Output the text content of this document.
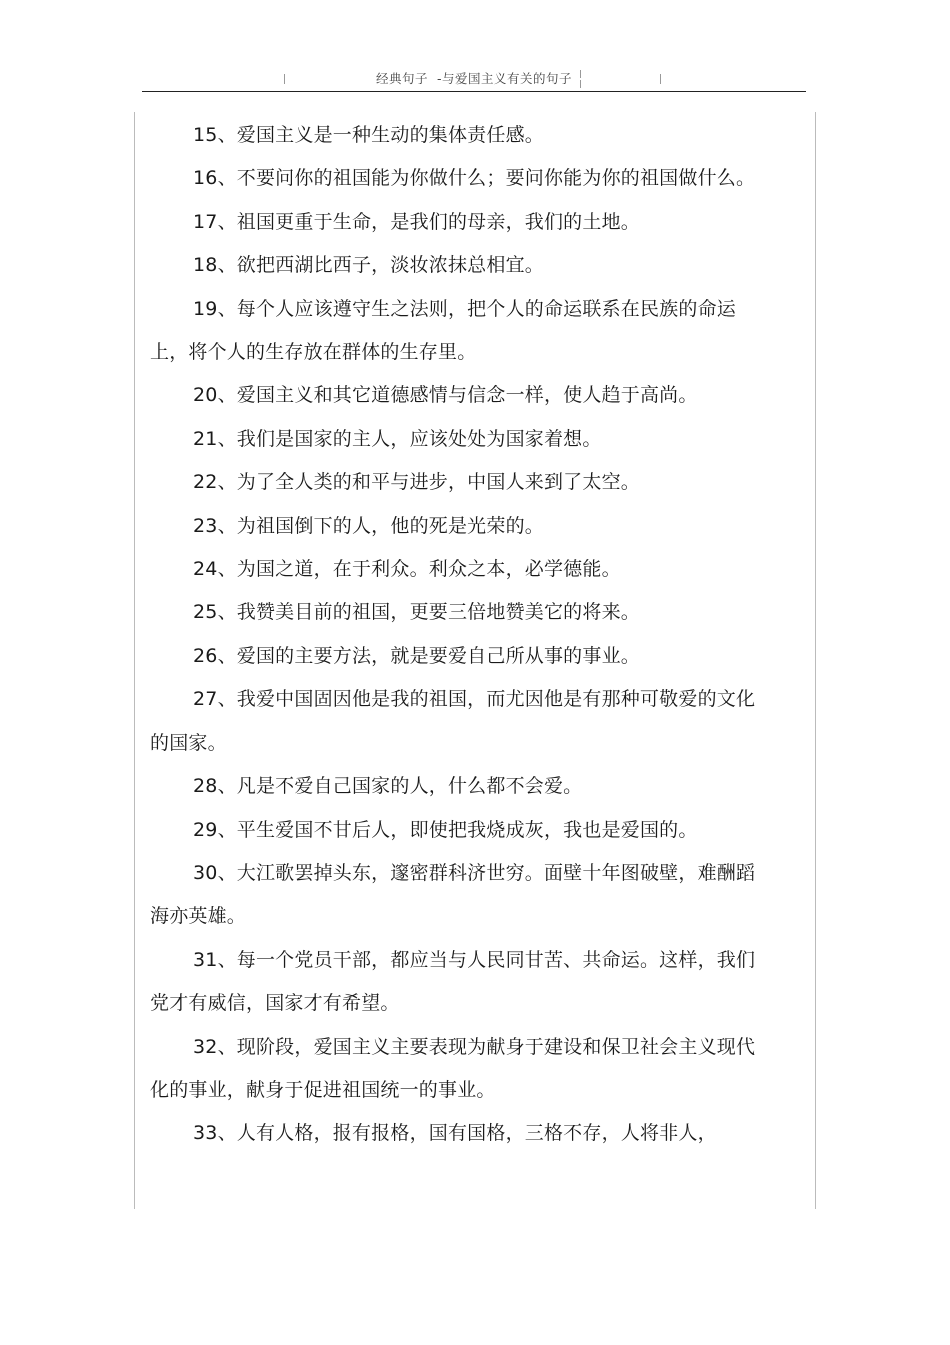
经典句子  -与爱国主义有关的句子

15、爱国主义是一种生动的集体责任感。

16、不要问你的祖国能为你做什么；要问你能为你的祖国做什么。

17、祖国更重于生命，是我们的母亲，我们的土地。

18、欲把西湖比西子，淡妆浓抹总相宜。

19、每个人应该遵守生之法则，把个人的命运联系在民族的命运上，将个人的生存放在群体的生存里。

20、爱国主义和其它道德感情与信念一样，使人趋于高尚。

21、我们是国家的主人，应该处处为国家着想。

22、为了全人类的和平与进步，中国人来到了太空。

23、为祖国倒下的人，他的死是光荣的。

24、为国之道，在于利众。利众之本，必学德能。

25、我赞美目前的祖国，更要三倍地赞美它的将来。

26、爱国的主要方法，就是要爱自己所从事的事业。

27、我爱中国固因他是我的祖国，而尤因他是有那种可敬爱的文化的国家。

28、凡是不爱自己国家的人，什么都不会爱。

29、平生爱国不甘后人，即使把我烧成灰，我也是爱国的。

30、大江歌罢掉头东，邃密群科济世穷。面壁十年图破壁，难酬蹈海亦英雄。

31、每一个党员干部，都应当与人民同甘苦、共命运。这样，我们党才有威信，国家才有希望。

32、现阶段，爱国主义主要表现为献身于建设和保卫社会主义现代化的事业，献身于促进祖国统一的事业。

33、人有人格，报有报格，国有国格，三格不存，人将非人，
